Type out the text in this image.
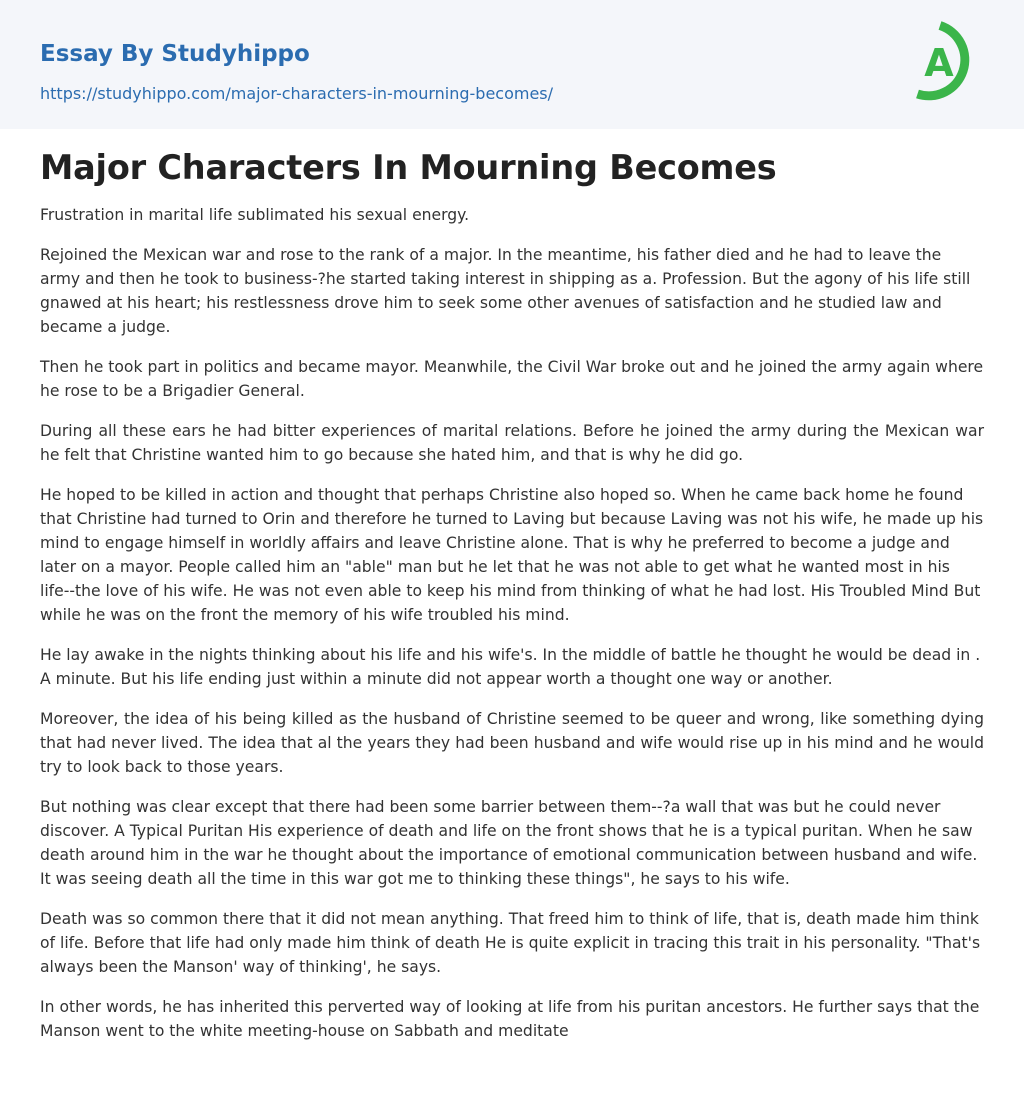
Essay By Studyhippo
https://studyhippo.com/major-characters-in-mourning-becomes/
A
Major Characters In Mourning Becomes

Frustration in marital life sublimated his sexual energy.

Rejoined the Mexican war and rose to the rank of a major. In the meantime, his father died and he had to leave the army and then he took to business-?he started taking interest in shipping as a. Profession. But the agony of his life still gnawed at his heart; his restlessness drove him to seek some other avenues of satisfaction and he studied law and became a judge.

Then he took part in politics and became mayor. Meanwhile, the Civil War broke out and he joined the army again where he rose to be a Brigadier General.

During all these ears he had bitter experiences of marital relations. Before he joined the army during the Mexican war he felt that Christine wanted him to go because she hated him, and that is why he did go.

He hoped to be killed in action and thought that perhaps Christine also hoped so. When he came back home he found that Christine had turned to Orin and therefore he turned to Laving but because Laving was not his wife, he made up his mind to engage himself in worldly affairs and leave Christine alone. That is why he preferred to become a judge and later on a mayor. People called him an "able" man but he let that he was not able to get what he wanted most in his life--the love of his wife. He was not even able to keep his mind from thinking of what he had lost. His Troubled Mind But while he was on the front the memory of his wife troubled his mind.

He lay awake in the nights thinking about his life and his wife's. In the middle of battle he thought he would be dead in . A minute. But his life ending just within a minute did not appear worth a thought one way or another.

Moreover, the idea of his being killed as the husband of Christine seemed to be queer and wrong, like something dying that had never lived. The idea that al the years they had been husband and wife would rise up in his mind and he would try to look back to those years.

But nothing was clear except that there had been some barrier between them--?a wall that was but he could never discover. A Typical Puritan His experience of death and life on the front shows that he is a typical puritan. When he saw death around him in the war he thought about the importance of emotional communication between husband and wife. It was seeing death all the time in this war got me to thinking these things", he says to his wife.

Death was so common there that it did not mean anything. That freed him to think of life, that is, death made him think of life. Before that life had only made him think of death He is quite explicit in tracing this trait in his personality. "That's always been the Manson' way of thinking', he says.

In other words, he has inherited this perverted way of looking at life from his puritan ancestors. He further says that the Manson went to the white meeting-house on Sabbath and meditate
